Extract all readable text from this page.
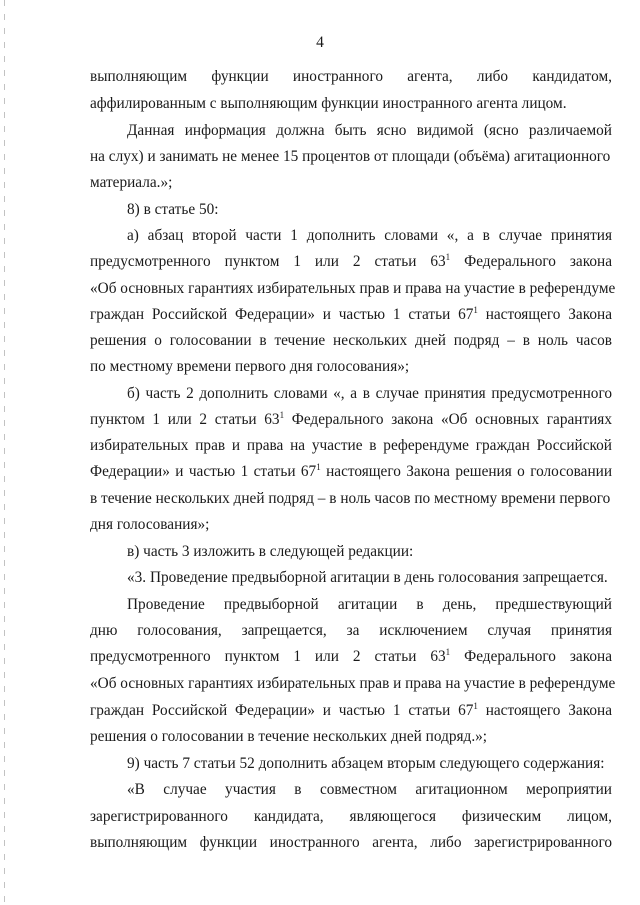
4
выполняющим функции иностранного агента, либо кандидатом,
аффилированным с выполняющим функции иностранного агента лицом.
Данная информация должна быть ясно видимой (ясно различаемой
на слух) и занимать не менее 15 процентов от площади (объёма) агитационного
материала.»;
8) в статье 50:
а) абзац второй части 1 дополнить словами «, а в случае принятия
предусмотренного пунктом 1 или 2 статьи $63^1$ Федерального закона
«Об основных гарантиях избирательных прав и права на участие в референдуме
граждан Российской Федерации» и частью 1 статьи $67^1$ настоящего Закона
решения о голосовании в течение нескольких дней подряд – в ноль часов
по местному времени первого дня голосования»;
б) часть 2 дополнить словами «, а в случае принятия предусмотренного
пунктом 1 или 2 статьи $63^1$ Федерального закона «Об основных гарантиях
избирательных прав и права на участие в референдуме граждан Российской
Федерации» и частью 1 статьи $67^1$ настоящего Закона решения о голосовании
в течение нескольких дней подряд – в ноль часов по местному времени первого
дня голосования»;
в) часть 3 изложить в следующей редакции:
«3. Проведение предвыборной агитации в день голосования запрещается.
Проведение предвыборной агитации в день, предшествующий
дню голосования, запрещается, за исключением случая принятия
предусмотренного пунктом 1 или 2 статьи $63^1$ Федерального закона
«Об основных гарантиях избирательных прав и права на участие в референдуме
граждан Российской Федерации» и частью 1 статьи $67^1$ настоящего Закона
решения о голосовании в течение нескольких дней подряд.»;
9) часть 7 статьи 52 дополнить абзацем вторым следующего содержания:
«В случае участия в совместном агитационном мероприятии
зарегистрированного кандидата, являющегося физическим лицом,
выполняющим функции иностранного агента, либо зарегистрированного
